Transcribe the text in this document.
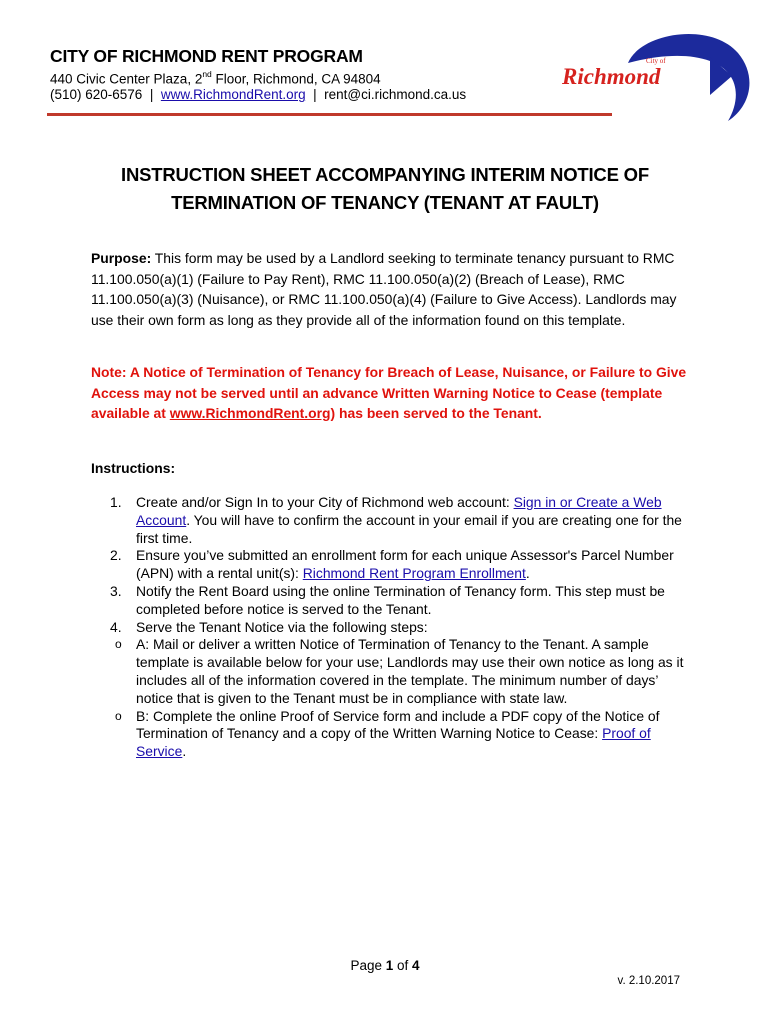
CITY OF RICHMOND RENT PROGRAM
440 Civic Center Plaza, 2nd Floor, Richmond, CA 94804
(510) 620-6576  |  www.RichmondRent.org  |  rent@ci.richmond.ca.us
City of
Richmond
INSTRUCTION SHEET ACCOMPANYING INTERIM NOTICE OF
TERMINATION OF TENANCY (TENANT AT FAULT)
Purpose: This form may be used by a Landlord seeking to terminate tenancy pursuant to RMC 11.100.050(a)(1) (Failure to Pay Rent), RMC 11.100.050(a)(2) (Breach of Lease), RMC 11.100.050(a)(3) (Nuisance), or RMC 11.100.050(a)(4) (Failure to Give Access). Landlords may use their own form as long as they provide all of the information found on this template.
Note: A Notice of Termination of Tenancy for Breach of Lease, Nuisance, or Failure to Give Access may not be served until an advance Written Warning Notice to Cease (template available at www.RichmondRent.org) has been served to the Tenant.
Instructions:
1. Create and/or Sign In to your City of Richmond web account: Sign in or Create a Web Account. You will have to confirm the account in your email if you are creating one for the first time.
2. Ensure you’ve submitted an enrollment form for each unique Assessor's Parcel Number (APN) with a rental unit(s): Richmond Rent Program Enrollment.
3. Notify the Rent Board using the online Termination of Tenancy form. This step must be completed before notice is served to the Tenant.
4. Serve the Tenant Notice via the following steps:
o A: Mail or deliver a written Notice of Termination of Tenancy to the Tenant. A sample template is available below for your use; Landlords may use their own notice as long as it includes all of the information covered in the template. The minimum number of days’ notice that is given to the Tenant must be in compliance with state law.
o B: Complete the online Proof of Service form and include a PDF copy of the Notice of Termination of Tenancy and a copy of the Written Warning Notice to Cease: Proof of Service.
Page 1 of 4
v. 2.10.2017
